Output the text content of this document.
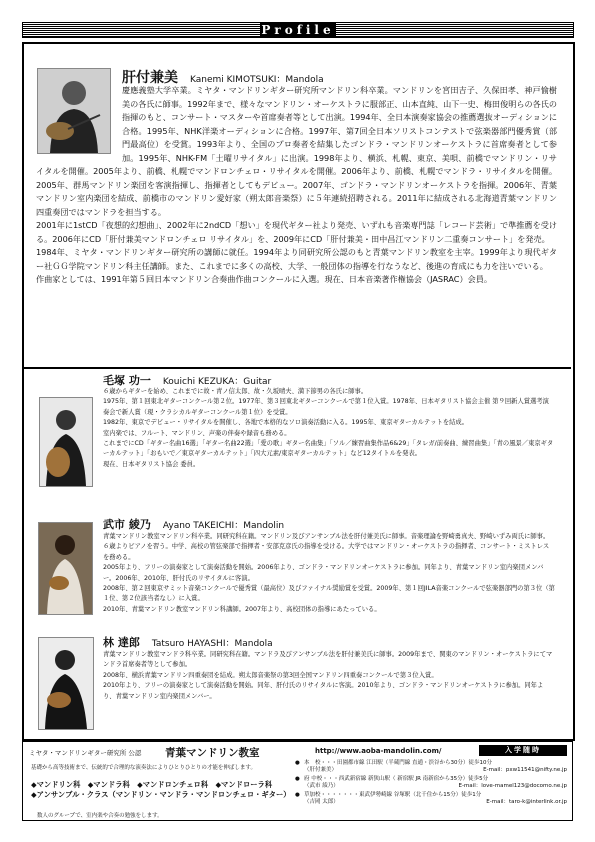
Profile
肝付兼美 Kanemi KIMOTSUKI：Mandola
慶應義塾大学卒業。ミヤタ・マンドリンギター研究所マンドリン科卒業。マンドリンを宮田吉子、久保田孝、神戸愉樹美の各氏に師事。1992年まで、様々なマンドリン・オーケストラに服部正、山本直純、山下一史、梅田俊明らの各氏の指揮のもと、コンサート・マスターや首席奏者等として出演。1994年、全日本演奏家協会の推薦選抜オーディションに合格。1995年、NHK洋楽オーディションに合格。1997年、第7回全日本ソリストコンテストで弦楽器部門優秀賞（部門最高位）を受賞。1993年より、全国のプロ奏者を結集したゴンドラ・マンドリンオーケストラに首席奏者として参加。1995年、NHK-FM「土曜リサイタル」に出演。1998年より、横浜、札幌、東京、美唄、前橋でマンドリン・リサイタルを開催。2005年より、前橋、札幌でマンドロンチェロ・リサイタルを開催。2006年より、前橋、札幌でマンドラ・リサイタルを開催。2005年、群馬マンドリン楽団を客演指揮し、指揮者としてもデビュー。2007年、ゴンドラ・マンドリンオーケストラを指揮。2006年、青葉マンドリン室内楽団を結成、前橋市のマンドリン愛好家（朔太郎音楽祭）に５年連続招聘される。2011年に結成される北海道青葉マンドリン四重奏団ではマンドラを担当する。
2001年に1stCD「夜想的幻想曲」、2002年に2ndCD「想い」を現代ギター社より発売、いずれも音楽専門誌「レコード芸術」で準推薦を受ける。2006年にCD「肝付兼美マンドロンチェロ リサイタル」を、2009年にCD「肝付兼美・田中昌江マンドリン二重奏コンサート」を発売。
1984年、ミヤタ・マンドリンギター研究所の講師に就任。1994年より同研究所公認のもと青葉マンドリン教室を主宰。1999年より現代ギター社ＧＧ学院マンドリン科主任講師。また、これまでに多くの高校、大学、一般団体の指導を行なうなど、後進の育成にも力を注いでいる。
作曲家としては、1991年第５回日本マンドリン合奏曲作曲コンクールに入選。現在、日本音楽著作権協会（JASRAC）会員。
毛塚 功一 Kouichi KEZUKA：Guitar
６歳からギターを始め、これまでに故・青ノ信太郎、故・久坂晴夫、満下節男の各氏に師事。
1975年、第１回東北ギターコンクール第２位。1977年、第３回東北ギターコンクールで第１位入賞。1978年、日本ギタリスト協会主催 第９回新人賞選考演奏会で新人賞（現・クラシカルギターコンクール第１位）を受賞。
1982年、東京でデビュー・リサイタルを開催し、各地で本格的なソロ演奏活動に入る。1995年、東京ギターカルテットを結成。
室内楽では、フルート、マンドリン、声楽の伴奏や録音も務める。
これまでにCD「ギター名曲16選」「ギター名曲22選」「愛の歌」ギター名曲集」「ソル／練習曲集作品6&29」「タレガ/前奏曲、練習曲集」「青の風景／東京ギターカルテット」「おもいで／東京ギターカルテット」「四大元素/東京ギターカルテット」など12タイトルを発表。
現在、日本ギタリスト協会 委員。
武市 綾乃 Ayano TAKEICHI：Mandolin
青葉マンドリン教室マンドリン科卒業。同研究科在籍。マンドリン及びアンサンブル法を肝付兼美氏に師事。音楽理論を野崎勇真夫、野崎いずみ両氏に師事。６歳よりピアノを習う。中学、高校の管弦楽部で指揮者・安部克彦氏の指導を受ける。大学ではマンドリン・オーケストラの指揮者、コンサート・ミストレスを務める。
2005年より、フリーの演奏家として演奏活動を開始。2006年より、ゴンドラ・マンドリンオーケストラに参加。同年より、青葉マンドリン室内楽団メンバー。2006年、2010年、肝付氏のリサイタルに客演。
2008年、第２回東京サミット音楽コンクールで優秀賞（最高位）及びファイナル奨励賞を受賞。2009年、第１回JILA音楽コンクールで弦楽器部門の第３位（第１位、第２位該当者なし）に入賞。
2010年、青葉マンドリン教室マンドリン科講師。2007年より、高校団体の指導にあたっている。
林 達郎 Tatsuro HAYASHI：Mandola
青葉マンドリン教室マンドラ科卒業。同研究科在籍。マンドラ及びアンサンブル法を肝付兼美氏に師事。2009年まで、関東のマンドリン・オーケストラにてマンドラ首席奏者等として参加。
2008年、横浜青葉マンドリン四重奏団を結成。朔太郎音楽祭の第3回全国マンドリン四重奏コンクールで第３位入賞。
2010年より、フリーの演奏家として演奏活動を開始。同年、肝付氏のリサイタルに客演。2010年より、ゴンドラ・マンドリンオーケストラに参加。同年より、青葉マンドリン室内楽団メンバー。
ミヤタ・マンドリンギター研究所 公認 青葉マンドリン教室	http://www.aoba-mandolin.com/	入学随時
基礎から高等技術まで、伝統的で合理的な演奏法によりひとりひとりの才能を伸ばします。
◆マンドリン科　◆マンドラ科　◆マンドロンチェロ科　◆マンドローラ科
◆アンサンブル・クラス（マンドリン・マンドラ・マンドロンチェロ・ギター）
数人のグループで、室内楽や合奏の勉強をします。
● 本　校・・・田園都市線 江田駅（半蔵門線 直通・渋谷から30分）徒歩10分
（肝付兼美）	E-mail：pxw11541@nifty.ne.jp
● 府 中校・・・西武新宿線 新狭山駅（ 新宿駅 JR 南新宿から35分）徒歩5分
（武市 綾乃）	E-mail：love-mamel123@docomo.ne.jp
● 草加校・・・・・・・東武伊勢崎線 谷塚駅（北千住から15分）徒歩1分
（吉岡 太郎）	E-mail：taro-k@interlink.or.jp
